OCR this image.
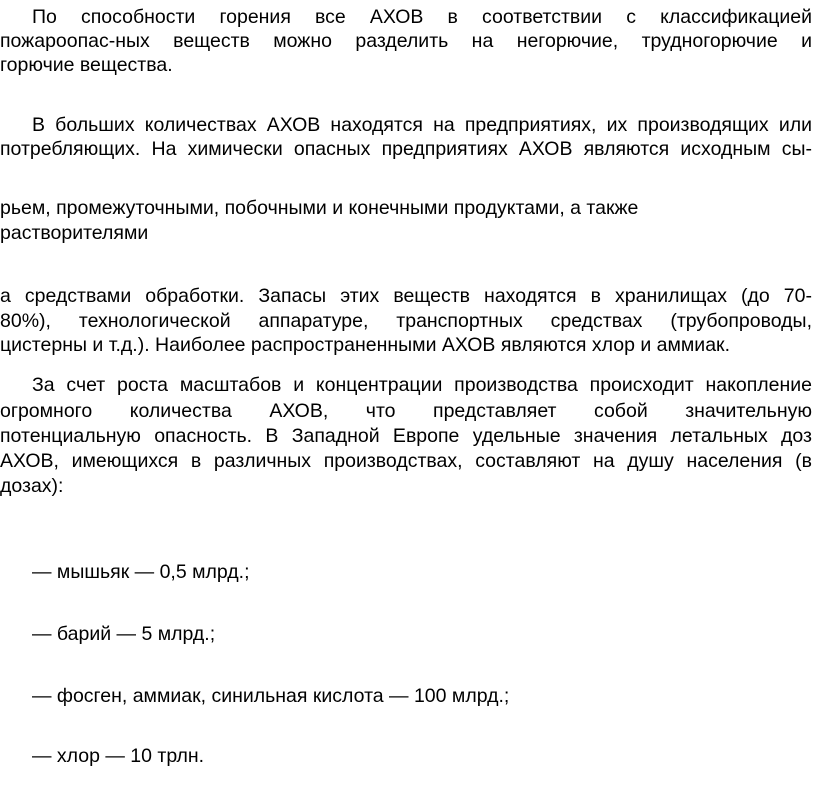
По способности горения все АХОВ в соответствии с классификацией
пожароопас-ных веществ можно разделить на негорючие, трудногорючие и
горючие вещества.
В больших количествах АХОВ находятся на предприятиях, их производящих или
потребляющих. На химически опасных предприятиях АХОВ являются исходным сы-
рьем, промежуточными, побочными и конечными продуктами, а также
растворителями
а средствами обработки. Запасы этих веществ находятся в хранилищах (до 70-
80%), технологической аппаратуре, транспортных средствах (трубопроводы,
цистерны и т.д.). Наиболее распространенными АХОВ являются хлор и аммиак.
За счет роста масштабов и концентрации производства происходит накопление
огромного количества АХОВ, что представляет собой значительную
потенциальную опасность. В Западной Европе удельные значения летальных доз
АХОВ, имеющихся в различных производствах, составляют на душу населения (в
дозах):
— мышьяк — 0,5 млрд.;
— барий — 5 млрд.;
— фосген, аммиак, синильная кислота — 100 млрд.;
— хлор — 10 трлн.
